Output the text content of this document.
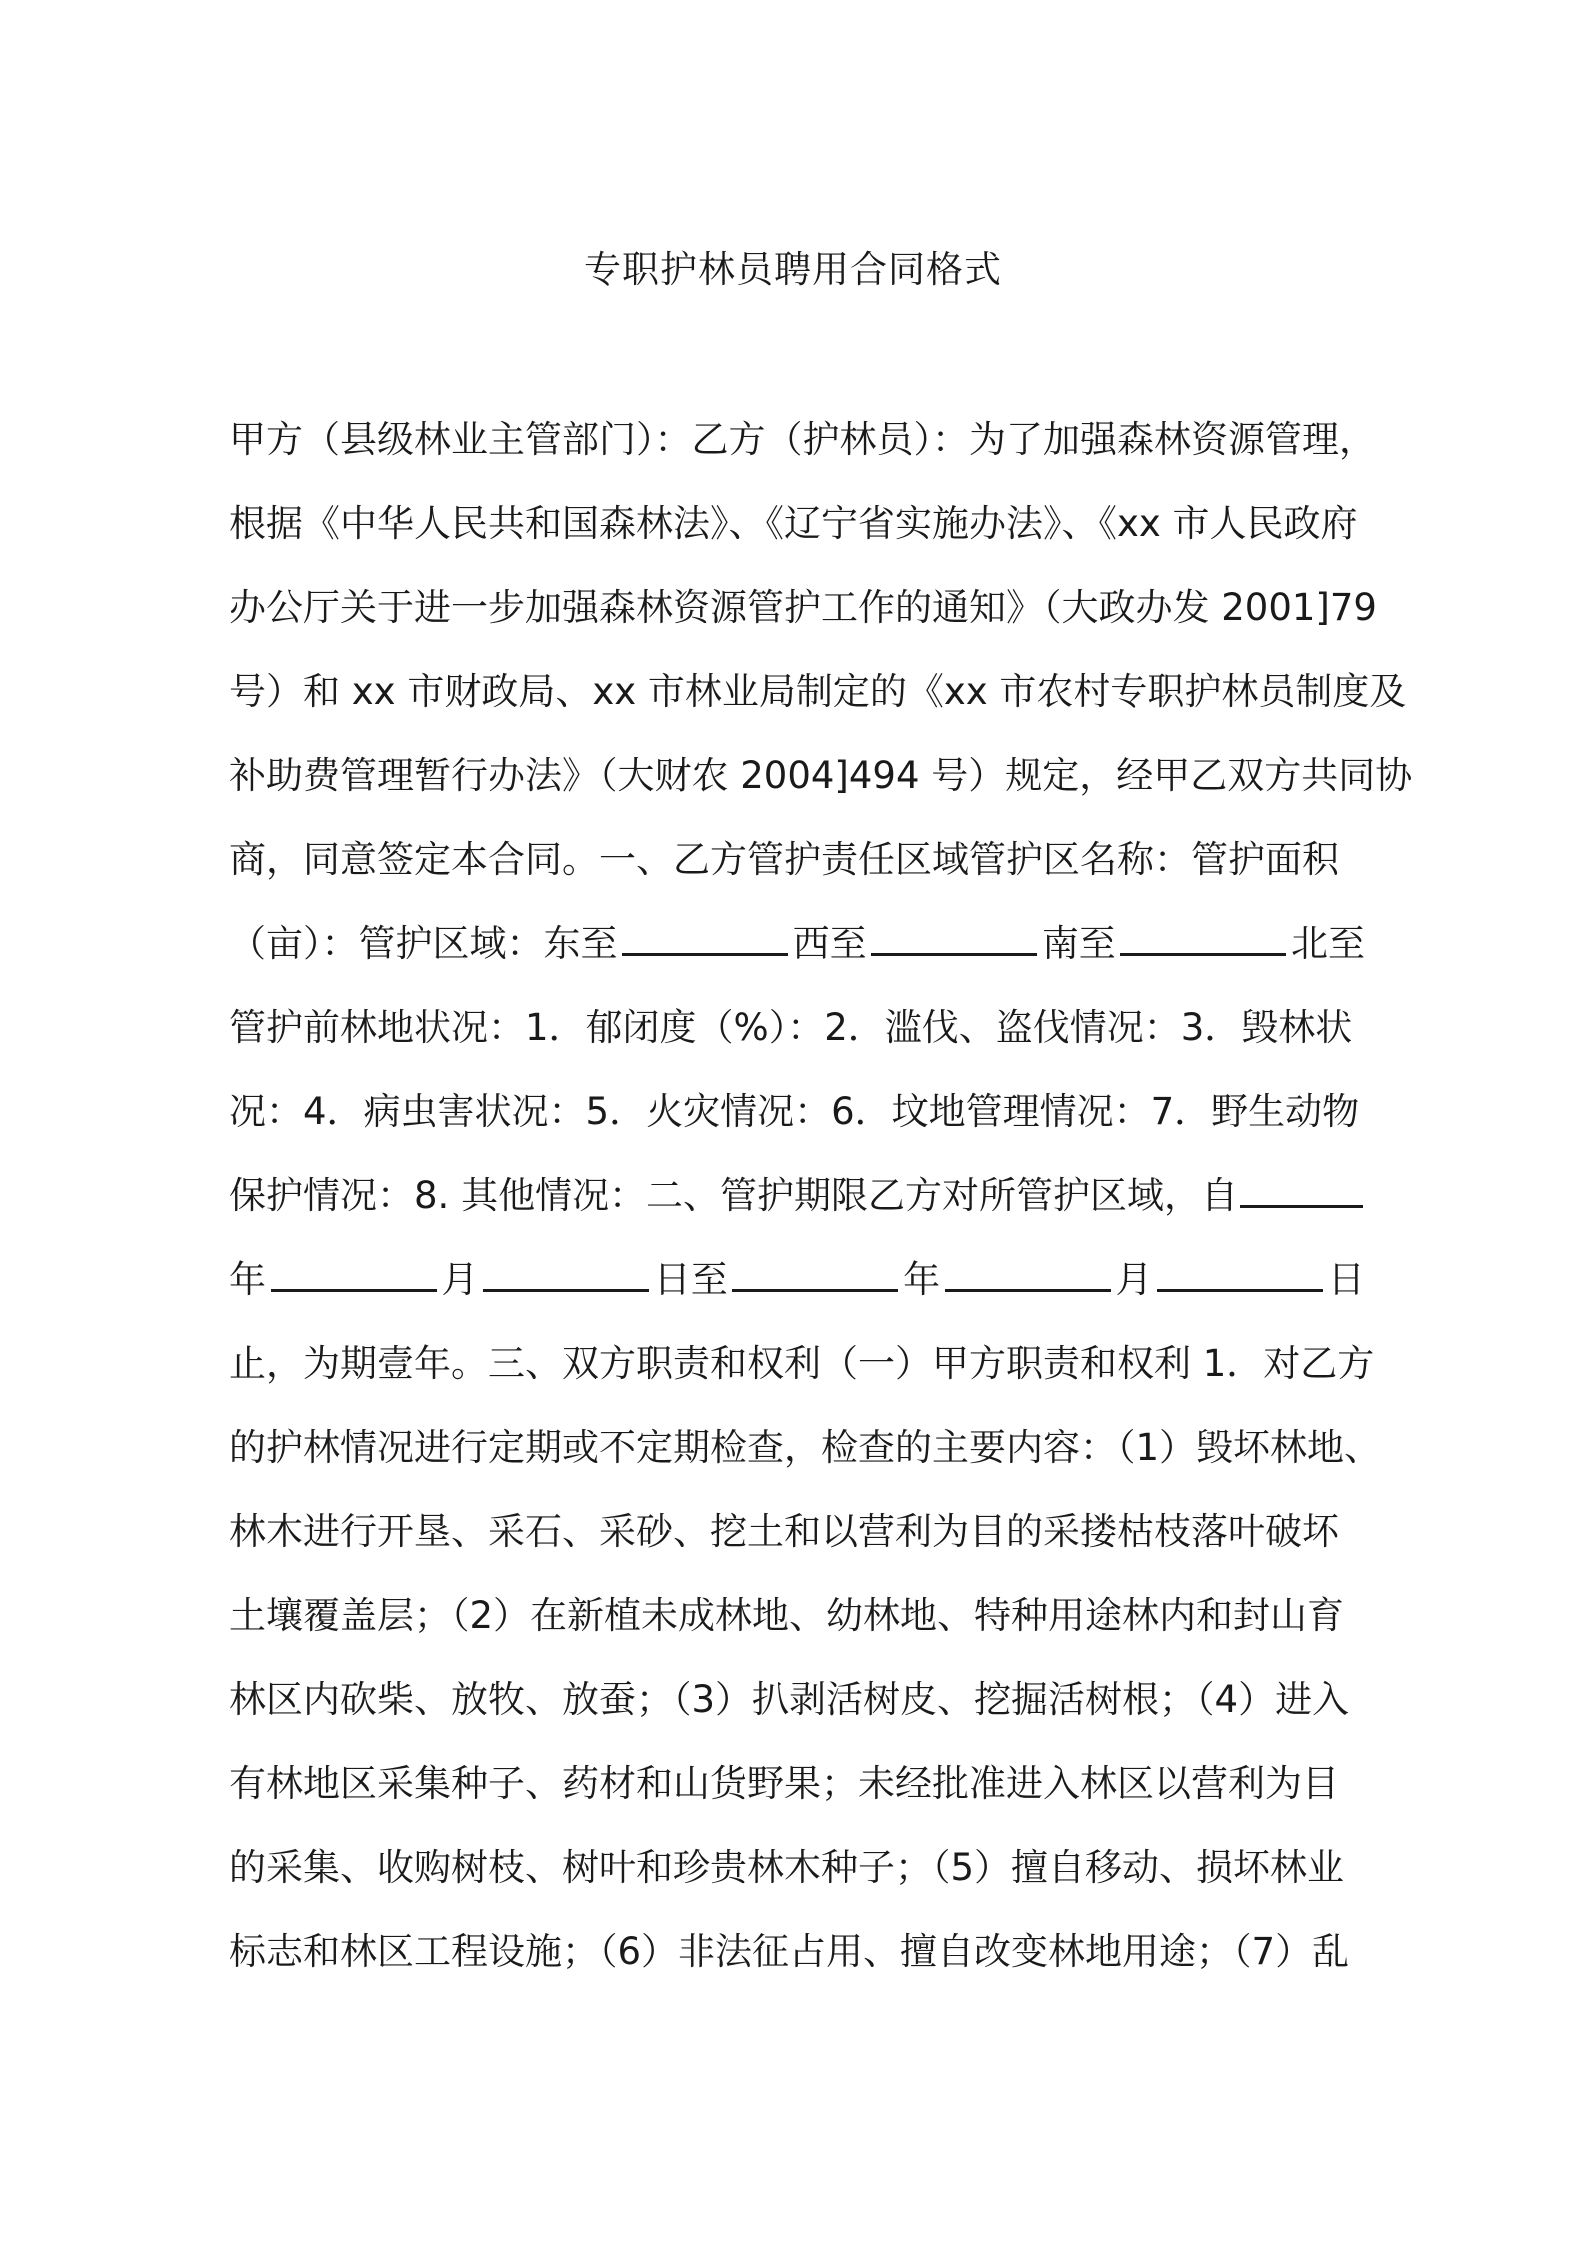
专职护林员聘用合同格式
甲方（县级林业主管部门）：乙方（护林员）：为了加强森林资源管理，
根据《中华人民共和国森林法》、《辽宁省实施办法》、《xx 市人民政府
办公厅关于进一步加强森林资源管护工作的通知》（大政办发 2001]79
号）和 xx 市财政局、xx 市林业局制定的《xx 市农村专职护林员制度及
补助费管理暂行办法》（大财农 2004]494 号）规定，经甲乙双方共同协
商，同意签定本合同。一、乙方管护责任区域管护区名称：管护面积
（亩）：管护区域：东至	西至	南至	北至
管护前林地状况：1．郁闭度（%）：2．滥伐、盗伐情况：3．毁林状
况：4．病虫害状况：5．火灾情况：6．坟地管理情况：7．野生动物
保护情况：8. 其他情况：二、管护期限乙方对所管护区域，自
年	月	日至	年	月	日
止，为期壹年。三、双方职责和权利（一）甲方职责和权利 1．对乙方
的护林情况进行定期或不定期检查，检查的主要内容：（1）毁坏林地、
林木进行开垦、采石、采砂、挖土和以营利为目的采搂枯枝落叶破坏
土壤覆盖层；（2）在新植未成林地、幼林地、特种用途林内和封山育
林区内砍柴、放牧、放蚕；（3）扒剥活树皮、挖掘活树根；（4）进入
有林地区采集种子、药材和山货野果；未经批准进入林区以营利为目
的采集、收购树枝、树叶和珍贵林木种子；（5）擅自移动、损坏林业
标志和林区工程设施；（6）非法征占用、擅自改变林地用途；（7）乱
